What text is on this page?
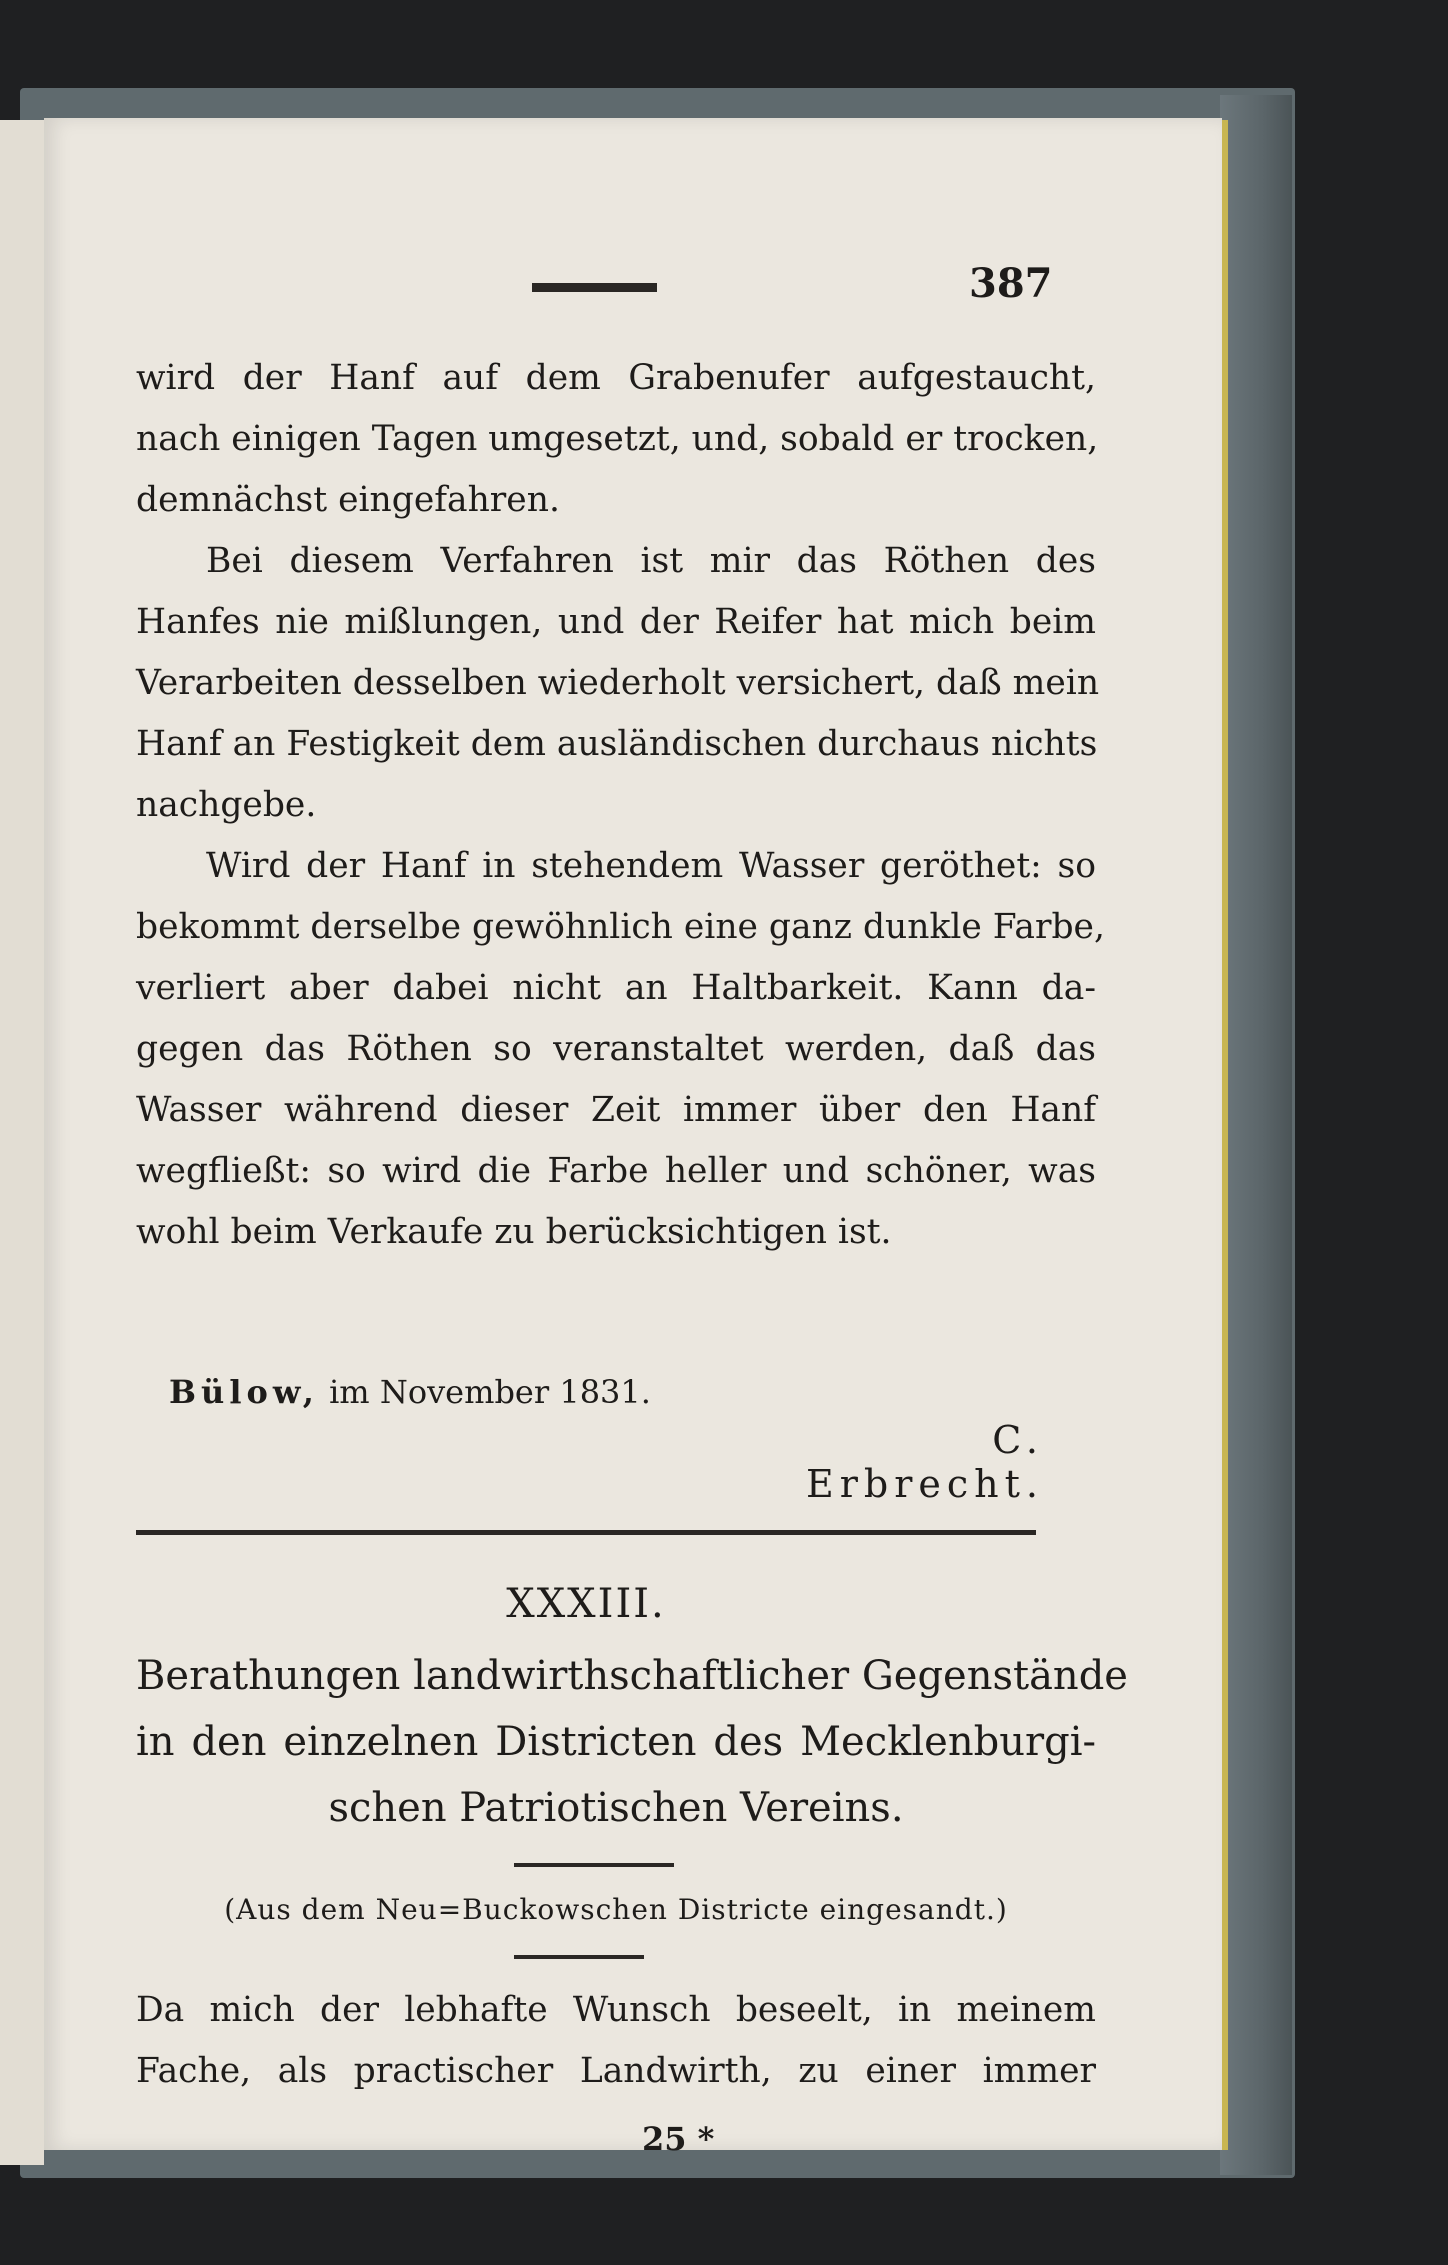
387
wird der Hanf auf dem Grabenufer aufgestaucht,
nach einigen Tagen umgesetzt, und, sobald er trocken,
demnächst eingefahren.
Bei diesem Verfahren ist mir das Röthen des
Hanfes nie mißlungen, und der Reifer hat mich beim
Verarbeiten desselben wiederholt versichert, daß mein
Hanf an Festigkeit dem ausländischen durchaus nichts
nachgebe.
Wird der Hanf in stehendem Wasser geröthet: so
bekommt derselbe gewöhnlich eine ganz dunkle Farbe,
verliert aber dabei nicht an Haltbarkeit. Kann da-
gegen das Röthen so veranstaltet werden, daß das
Wasser während dieser Zeit immer über den Hanf
wegfließt: so wird die Farbe heller und schöner, was
wohl beim Verkaufe zu berücksichtigen ist.
Bülow, im November 1831.
C. Erbrecht.
XXXIII.
Berathungen landwirthschaftlicher Gegenstände
in den einzelnen Districten des Mecklenburgi-
schen Patriotischen Vereins.
(Aus dem Neu=Buckowschen Districte eingesandt.)
Da mich der lebhafte Wunsch beseelt, in meinem
Fache, als practischer Landwirth, zu einer immer
25 *
